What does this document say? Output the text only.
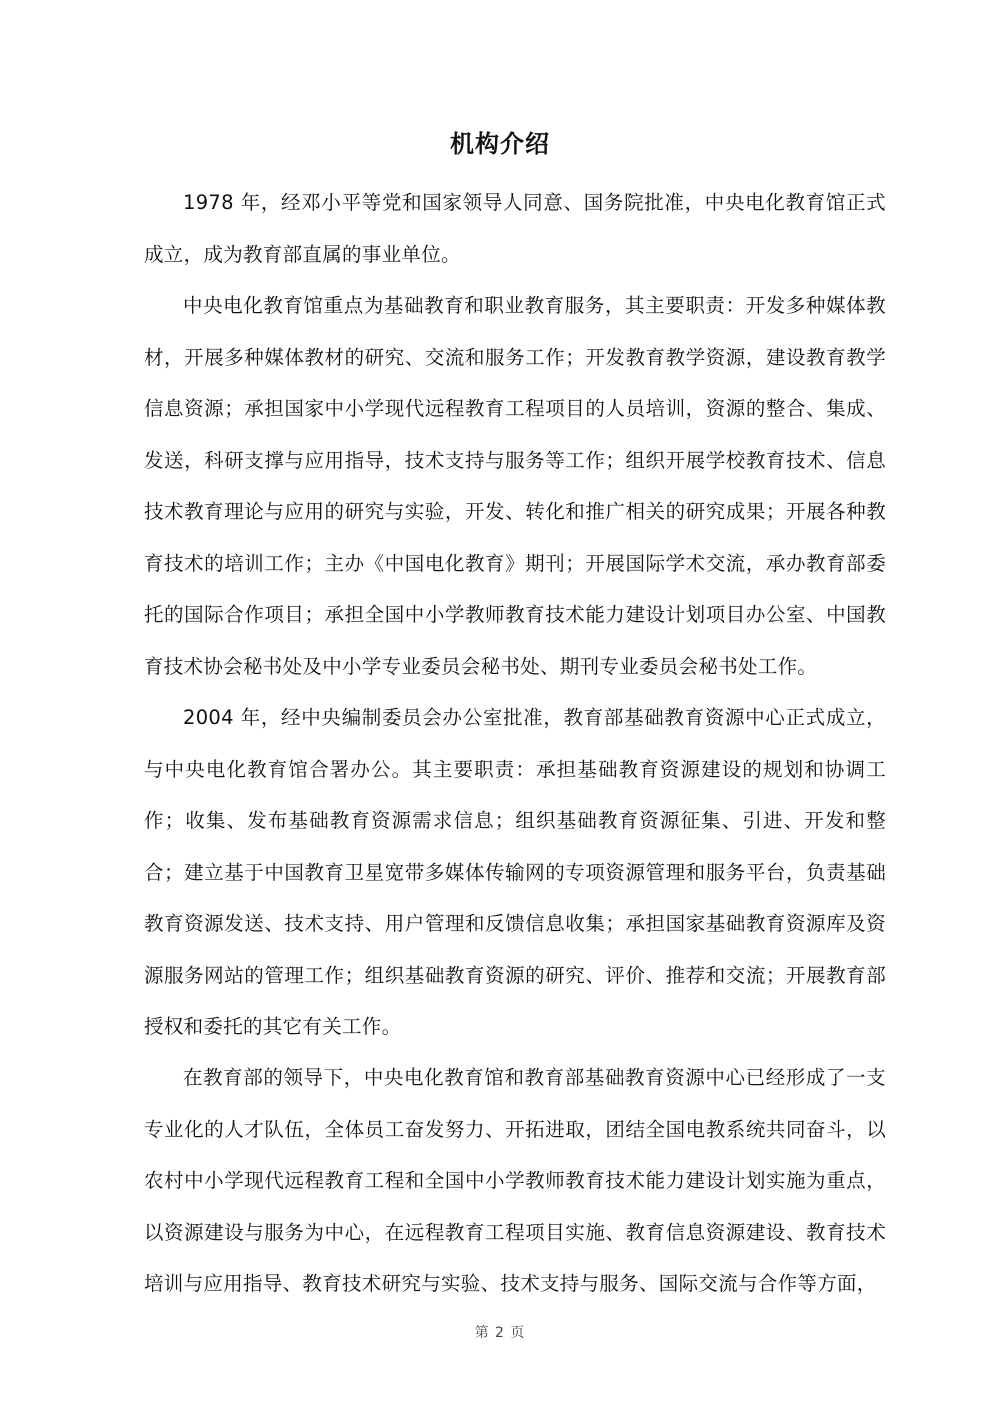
机构介绍

1978 年，经邓小平等党和国家领导人同意、国务院批准，中央电化教育馆正式成立，成为教育部直属的事业单位。

中央电化教育馆重点为基础教育和职业教育服务，其主要职责：开发多种媒体教材，开展多种媒体教材的研究、交流和服务工作；开发教育教学资源，建设教育教学信息资源；承担国家中小学现代远程教育工程项目的人员培训，资源的整合、集成、发送，科研支撑与应用指导，技术支持与服务等工作；组织开展学校教育技术、信息技术教育理论与应用的研究与实验，开发、转化和推广相关的研究成果；开展各种教育技术的培训工作；主办《中国电化教育》期刊；开展国际学术交流，承办教育部委托的国际合作项目；承担全国中小学教师教育技术能力建设计划项目办公室、中国教育技术协会秘书处及中小学专业委员会秘书处、期刊专业委员会秘书处工作。

2004 年，经中央编制委员会办公室批准，教育部基础教育资源中心正式成立，与中央电化教育馆合署办公。其主要职责：承担基础教育资源建设的规划和协调工作；收集、发布基础教育资源需求信息；组织基础教育资源征集、引进、开发和整合；建立基于中国教育卫星宽带多媒体传输网的专项资源管理和服务平台，负责基础教育资源发送、技术支持、用户管理和反馈信息收集；承担国家基础教育资源库及资源服务网站的管理工作；组织基础教育资源的研究、评价、推荐和交流；开展教育部授权和委托的其它有关工作。

在教育部的领导下，中央电化教育馆和教育部基础教育资源中心已经形成了一支专业化的人才队伍，全体员工奋发努力、开拓进取，团结全国电教系统共同奋斗，以农村中小学现代远程教育工程和全国中小学教师教育技术能力建设计划实施为重点，以资源建设与服务为中心，在远程教育工程项目实施、教育信息资源建设、教育技术培训与应用指导、教育技术研究与实验、技术支持与服务、国际交流与合作等方面，

第 2 页
